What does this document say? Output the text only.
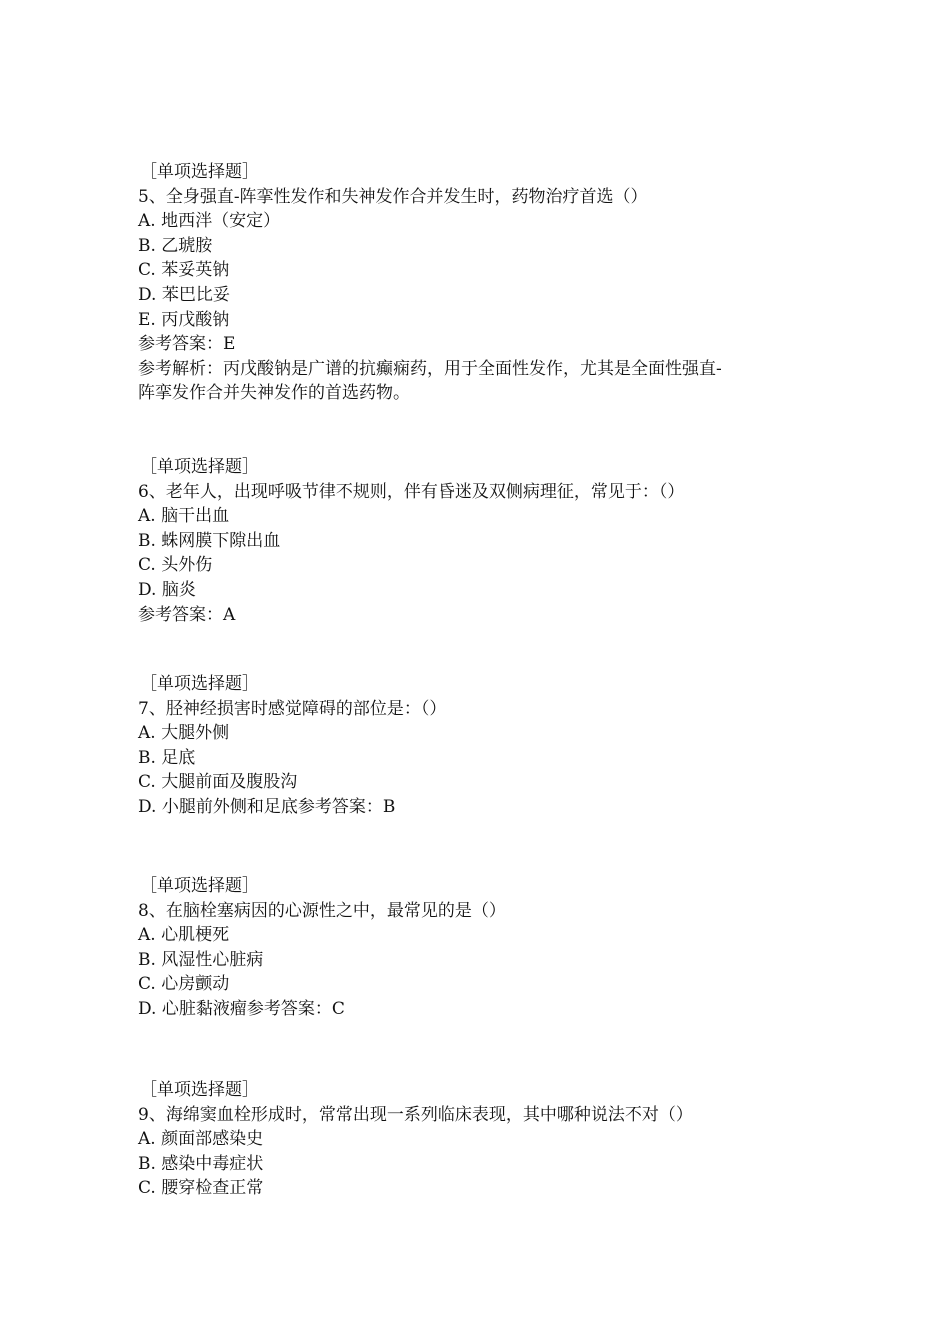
［单项选择题］
5、全身强直-阵挛性发作和失神发作合并发生时，药物治疗首选（）
A. 地西泮（安定）
B. 乙琥胺
C. 苯妥英钠
D. 苯巴比妥
E. 丙戊酸钠
参考答案：E
参考解析：丙戊酸钠是广谱的抗癫痫药，用于全面性发作，尤其是全面性强直-
阵挛发作合并失神发作的首选药物。
［单项选择题］
6、老年人，出现呼吸节律不规则，伴有昏迷及双侧病理征，常见于：（）
A. 脑干出血
B. 蛛网膜下隙出血
C. 头外伤
D. 脑炎
参考答案：A
［单项选择题］
7、胫神经损害时感觉障碍的部位是：（）
A. 大腿外侧
B. 足底
C. 大腿前面及腹股沟
D. 小腿前外侧和足底参考答案：B
［单项选择题］
8、在脑栓塞病因的心源性之中，最常见的是（）
A. 心肌梗死
B. 风湿性心脏病
C. 心房颤动
D. 心脏黏液瘤参考答案：C
［单项选择题］
9、海绵窦血栓形成时，常常出现一系列临床表现，其中哪种说法不对（）
A. 颜面部感染史
B. 感染中毒症状
C. 腰穿检查正常
